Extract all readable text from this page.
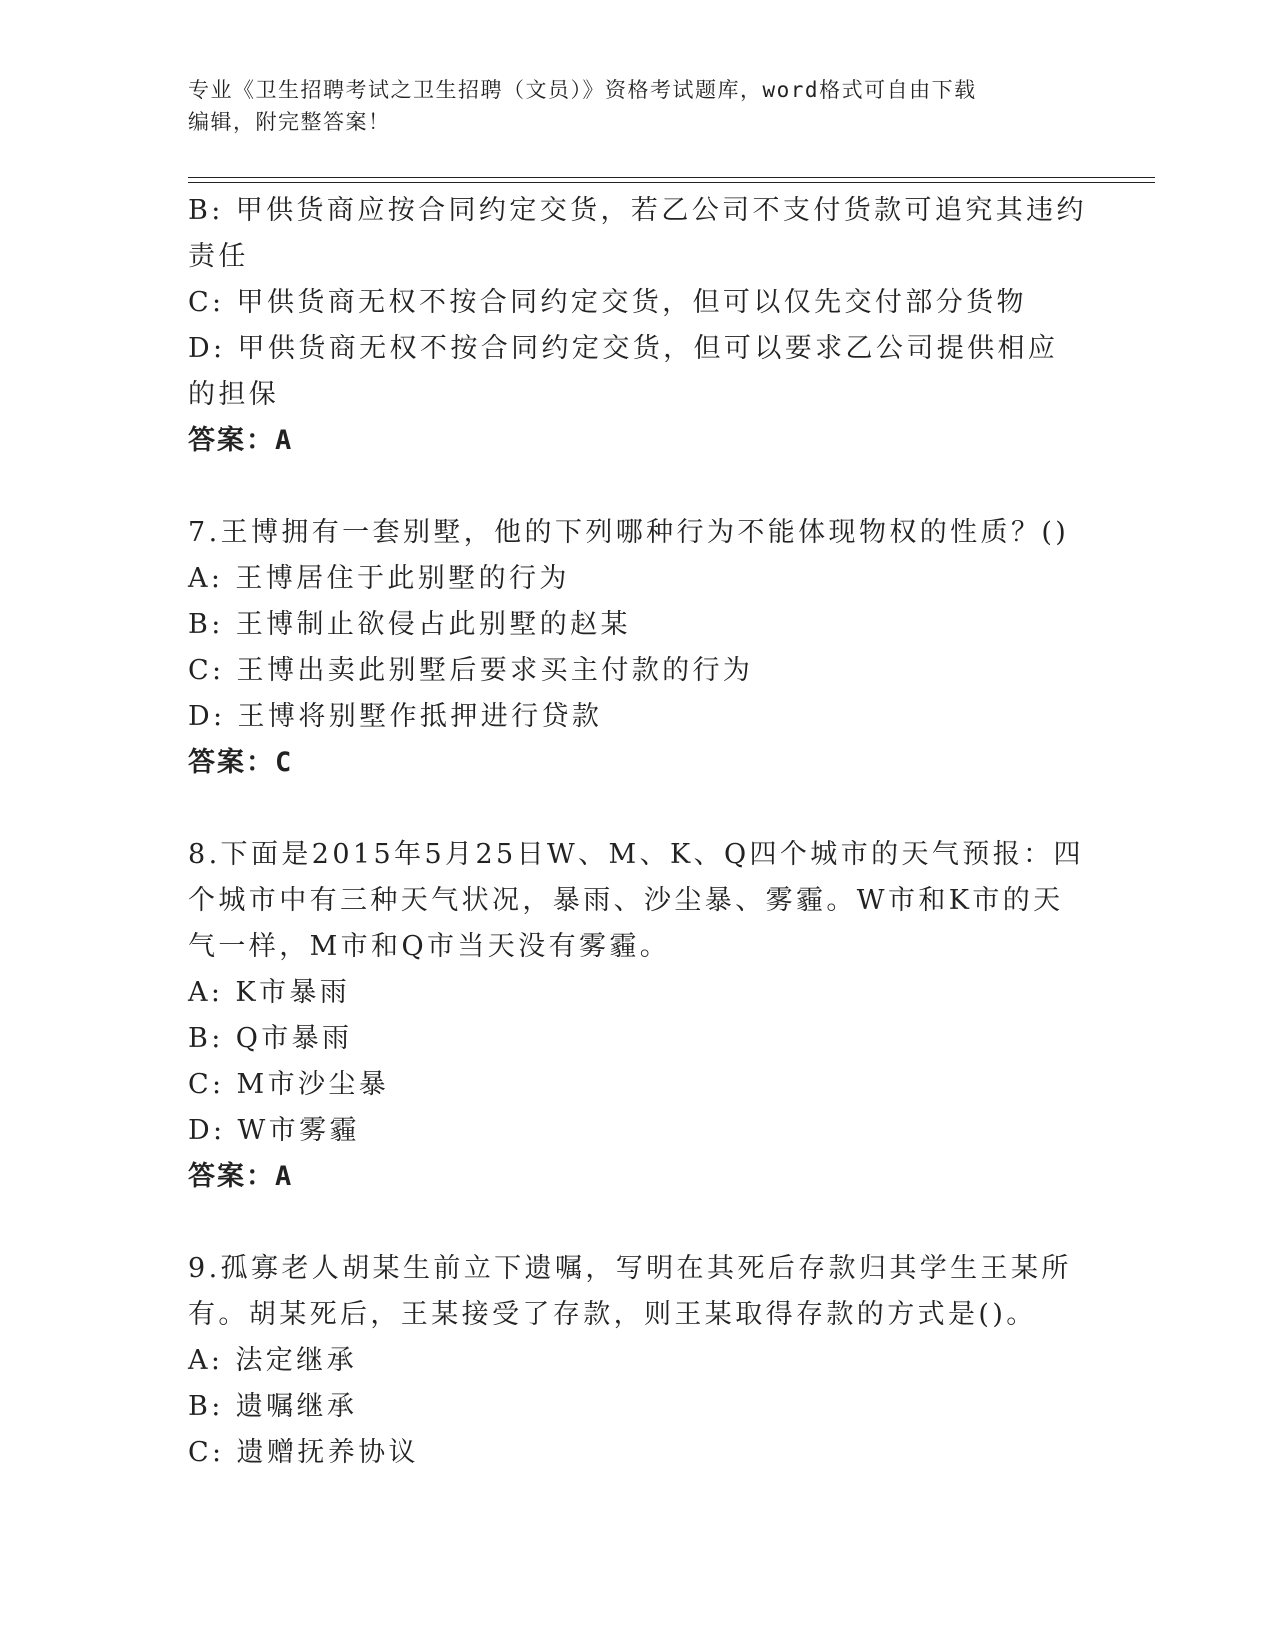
专业《卫生招聘考试之卫生招聘（文员）》资格考试题库，word格式可自由下载
编辑，附完整答案！

B: 甲供货商应按合同约定交货，若乙公司不支付货款可追究其违约责任

C: 甲供货商无权不按合同约定交货，但可以仅先交付部分货物

D: 甲供货商无权不按合同约定交货，但可以要求乙公司提供相应的担保

答案：A

7.王博拥有一套别墅，他的下列哪种行为不能体现物权的性质？()

A: 王博居住于此别墅的行为

B: 王博制止欲侵占此别墅的赵某

C: 王博出卖此别墅后要求买主付款的行为

D: 王博将别墅作抵押进行贷款

答案：C

8.下面是2015年5月25日W、M、K、Q四个城市的天气预报：四个城市中有三种天气状况，暴雨、沙尘暴、雾霾。W市和K市的天气一样，M市和Q市当天没有雾霾。

A: K市暴雨

B: Q市暴雨

C: M市沙尘暴

D: W市雾霾

答案：A

9.孤寡老人胡某生前立下遗嘱，写明在其死后存款归其学生王某所有。胡某死后，王某接受了存款，则王某取得存款的方式是()。

A: 法定继承

B: 遗嘱继承

C: 遗赠抚养协议
